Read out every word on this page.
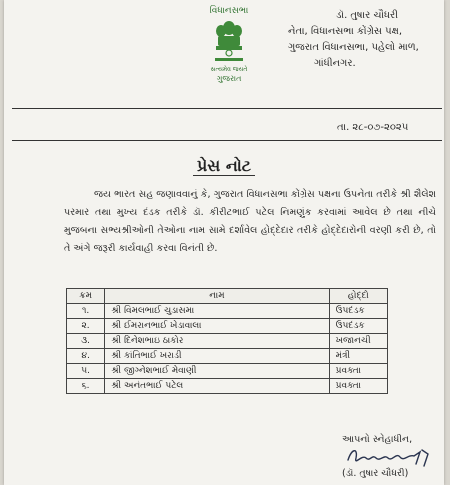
વિધાનસભા
સત્યમેવ જયતે
ગુજરાત
ડૉ. તુષાર ચૌધરી
નેતા, વિધાનસભા કોંગ્રેસ પક્ષ,
ગુજરાત વિધાનસભા, પહેલો માળ,
ગાંધીનગર.
તા. ૨૮-૦૭-૨૦૨૫
પ્રેસ નોટ
જય ભારત સહ જણાવવાનું કે, ગુજરાત વિધાનસભા કોંગ્રેસ પક્ષના ઉપનેતા તરીકે શ્રી શૈલેશ પરમાર તથા મુખ્ય દંડક તરીકે ડૉ. કીરીટભાઈ પટેલ નિમણુંક કરવામાં આવેલ છે તથા નીચે મુજબના સભ્યશ્રીઓની તેઓના નામ સામે દર્શાવેલ હોદ્દેદાર તરીકે હોદ્દેદારોની વરણી કરી છે, તો તે અંગે જરૂરી કાર્યવાહી કરવા વિનંતી છે.
ક્રમ	નામ	હોદ્દો
૧.	શ્રી વિમલભાઈ ચુડાસમા	ઉપદંડક
૨.	શ્રી ઈમરાનભાઈ ખેડાવાલા	ઉપદંડક
૩.	શ્રી દિનેશભાઇ ઠાકોર	ખજાનચી
૪.	શ્રી કાંતિભાઈ ખરાડી	મંત્રી
૫.	શ્રી જીગ્નેશભાઈ મેવાણી	પ્રવક્તા
૬.	શ્રી અનંતભાઈ પટેલ	પ્રવક્તા
આપનો સ્નેહાધીન,
(ડૉ. તુષાર ચૌધરી)
